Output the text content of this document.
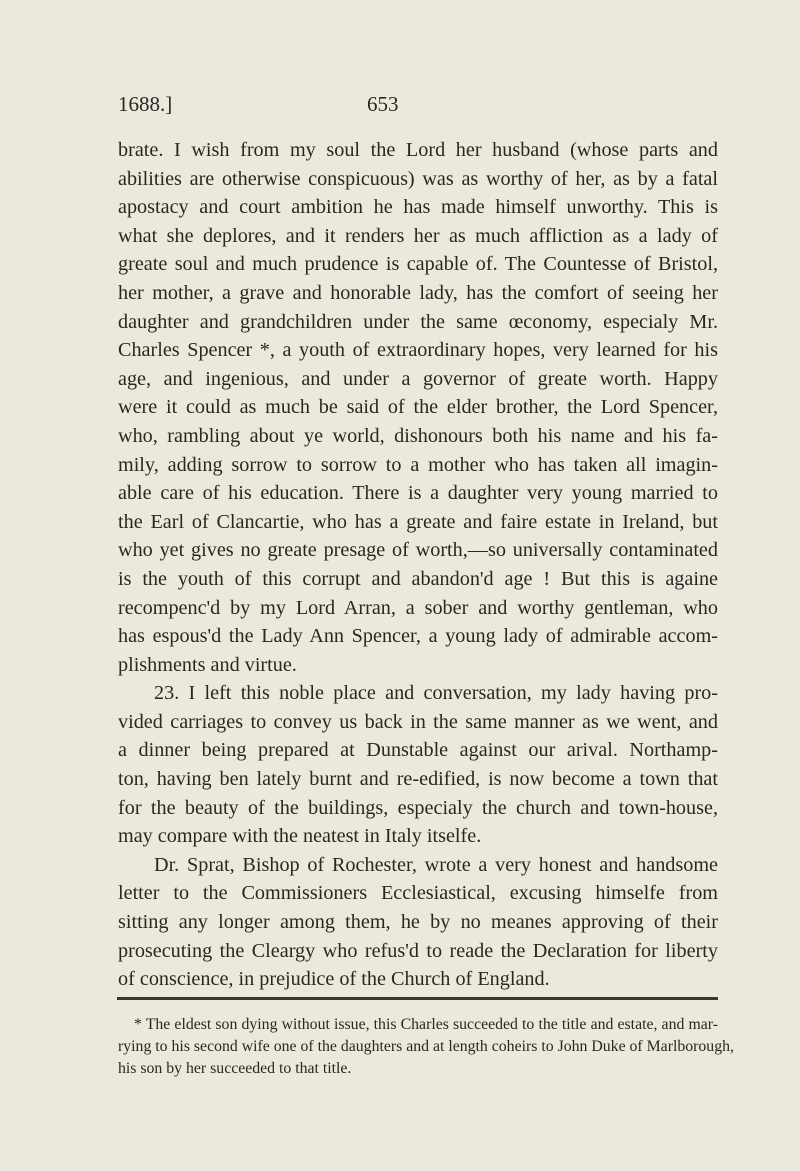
1688.]	653
brate. I wish from my soul the Lord her husband (whose parts and
abilities are otherwise conspicuous) was as worthy of her, as by a fatal
apostacy and court ambition he has made himself unworthy. This is
what she deplores, and it renders her as much affliction as a lady of
greate soul and much prudence is capable of. The Countesse of Bristol,
her mother, a grave and honorable lady, has the comfort of seeing her
daughter and grandchildren under the same œconomy, especialy Mr.
Charles Spencer *, a youth of extraordinary hopes, very learned for his
age, and ingenious, and under a governor of greate worth. Happy
were it could as much be said of the elder brother, the Lord Spencer,
who, rambling about ye world, dishonours both his name and his fa-
mily, adding sorrow to sorrow to a mother who has taken all imagin-
able care of his education. There is a daughter very young married to
the Earl of Clancartie, who has a greate and faire estate in Ireland, but
who yet gives no greate presage of worth,—so universally contaminated
is the youth of this corrupt and abandon'd age ! But this is againe
recompenc'd by my Lord Arran, a sober and worthy gentleman, who
has espous'd the Lady Ann Spencer, a young lady of admirable accom-
plishments and virtue.
23. I left this noble place and conversation, my lady having pro-
vided carriages to convey us back in the same manner as we went, and
a dinner being prepared at Dunstable against our arival. Northamp-
ton, having ben lately burnt and re-edified, is now become a town that
for the beauty of the buildings, especialy the church and town-house,
may compare with the neatest in Italy itselfe.
Dr. Sprat, Bishop of Rochester, wrote a very honest and handsome
letter to the Commissioners Ecclesiastical, excusing himselfe from
sitting any longer among them, he by no meanes approving of their
prosecuting the Cleargy who refus'd to reade the Declaration for liberty
of conscience, in prejudice of the Church of England.
* The eldest son dying without issue, this Charles succeeded to the title and estate, and mar-
rying to his second wife one of the daughters and at length coheirs to John Duke of Marlborough,
his son by her succeeded to that title.
